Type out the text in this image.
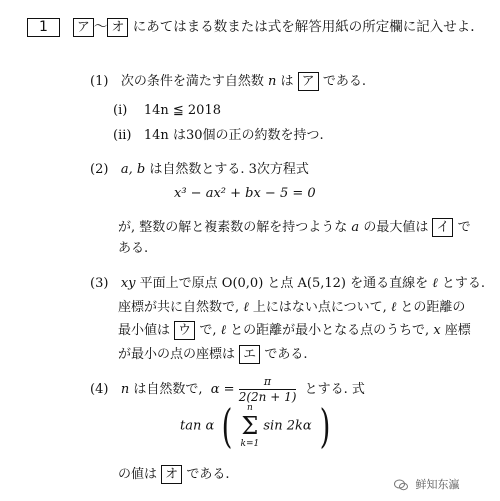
1 ア 〜 オ にあてはまる数または式を解答用紙の所定欄に記入せよ.
(1) 次の条件を満たす自然数 n は ア である.
(i) 14n ≦ 2018
(ii) 14n は30個の正の約数を持つ.
(2) a, b は自然数とする. 3次方程式
x³ − ax² + bx − 5 = 0
が, 整数の解と複素数の解を持つような a の最大値は イ で
ある.
(3) xy 平面上で原点 O(0,0) と点 A(5,12) を通る直線を ℓ とする.
座標が共に自然数で, ℓ 上にはない点について, ℓ との距離の
最小値は ウ で, ℓ との距離が最小となる点のうちで, x 座標
が最小の点の座標は エ である.
(4) n は自然数で, $\alpha = \frac{\pi}{2(2n + 1)}$ とする. 式
tan α (	n
Σ
k=1
sin 2kα )
の値は オ である.
鲜知东瀛
